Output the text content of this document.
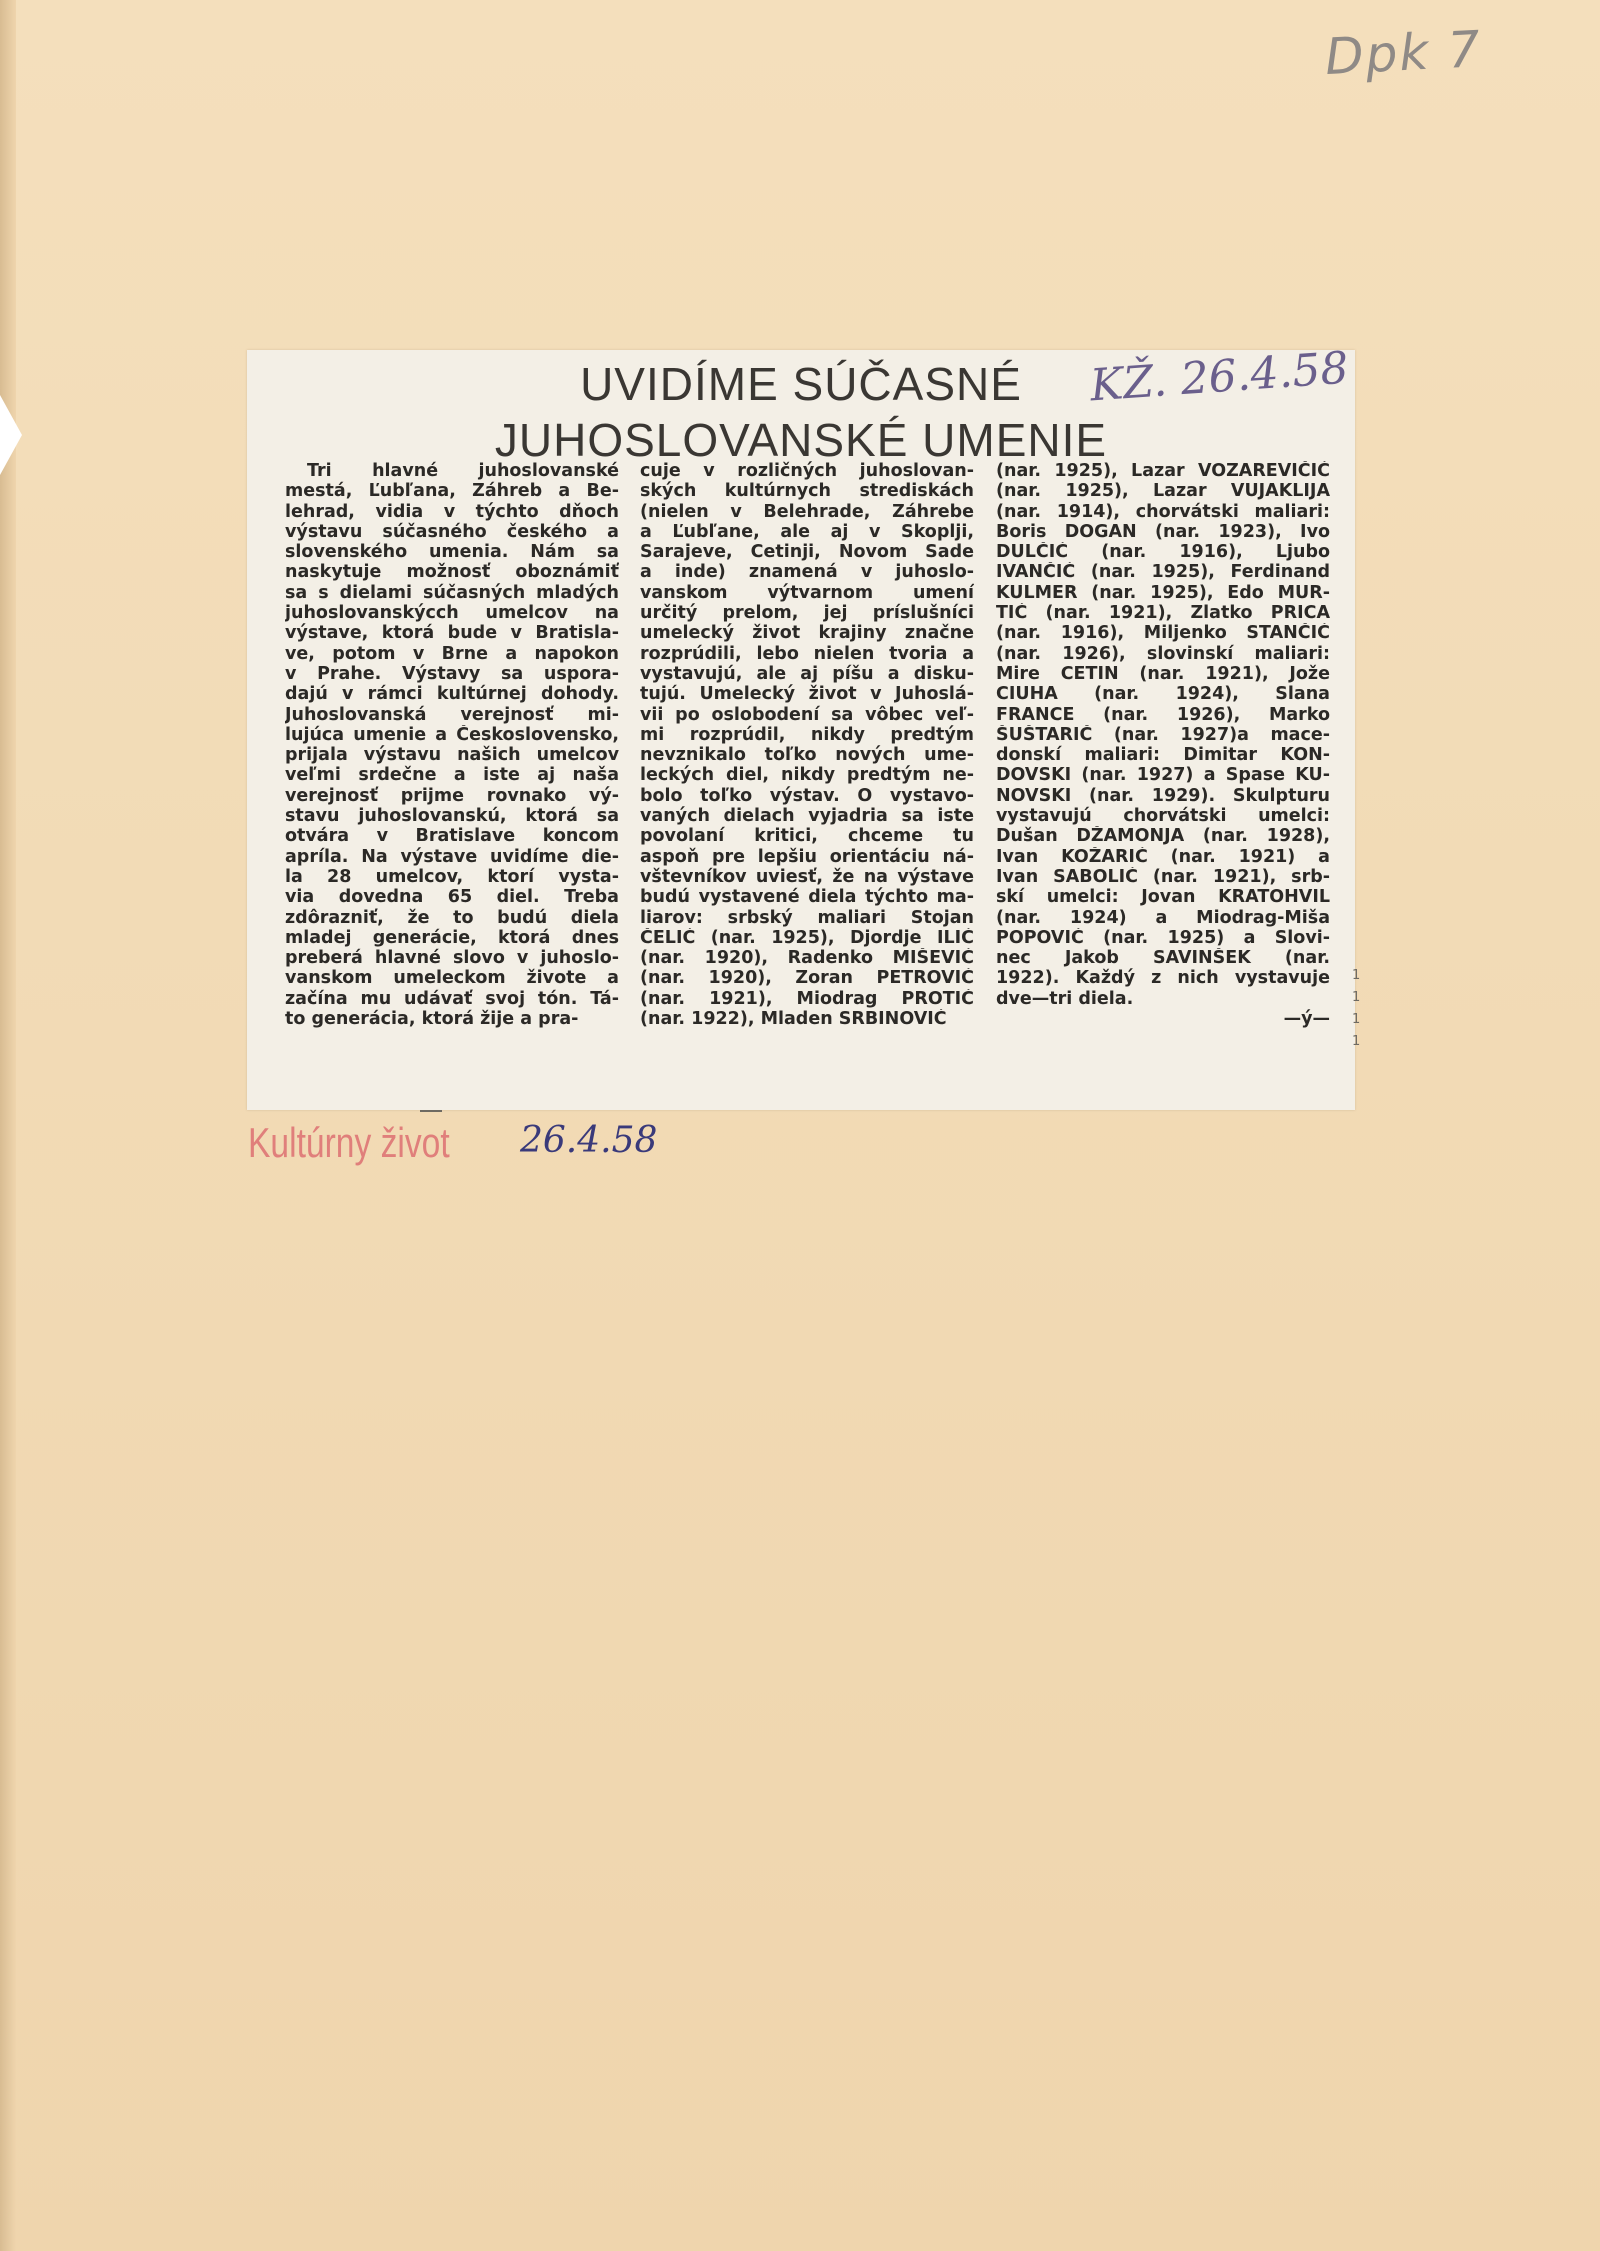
Dpk 7
UVIDÍME SÚČASNÉ
JUHOSLOVANSKÉ UMENIE
KŽ. 26.4.58
Tri hlavné juhoslovanské
mestá, Ľubľana, Záhreb a Be-
lehrad, vidia v týchto dňoch
výstavu súčasného českého a
slovenského umenia. Nám sa
naskytuje možnosť oboznámiť
sa s dielami súčasných mladých
juhoslovanskýcch umelcov na
výstave, ktorá bude v Bratisla-
ve, potom v Brne a napokon
v Prahe. Výstavy sa uspora-
dajú v rámci kultúrnej dohody.
Juhoslovanská verejnosť mi-
lujúca umenie a Československo,
prijala výstavu našich umelcov
veľmi srdečne a iste aj naša
verejnosť prijme rovnako vý-
stavu juhoslovanskú, ktorá sa
otvára v Bratislave koncom
apríla. Na výstave uvidíme die-
la 28 umelcov, ktorí vysta-
via dovedna 65 diel. Treba
zdôrazniť, že to budú diela
mladej generácie, ktorá dnes
preberá hlavné slovo v juhoslo-
vanskom umeleckom živote a
začína mu udávať svoj tón. Tá-
to generácia, ktorá žije a pra-
cuje v rozličných juhoslovan-
ských kultúrnych strediskách
(nielen v Belehrade, Záhrebe
a Ľubľane, ale aj v Skoplji,
Sarajeve, Cetinji, Novom Sade
a inde) znamená v juhoslo-
vanskom výtvarnom umení
určitý prelom, jej príslušníci
umelecký život krajiny značne
rozprúdili, lebo nielen tvoria a
vystavujú, ale aj píšu a disku-
tujú. Umelecký život v Juhoslá-
vii po oslobodení sa vôbec veľ-
mi rozprúdil, nikdy predtým
nevznikalo toľko nových ume-
leckých diel, nikdy predtým ne-
bolo toľko výstav. O vystavo-
vaných dielach vyjadria sa iste
povolaní kritici, chceme tu
aspoň pre lepšiu orientáciu ná-
vštevníkov uviesť, že na výstave
budú vystavené diela týchto ma-
liarov: srbský maliari Stojan
ČELIĆ (nar. 1925), Djordje ILIĆ
(nar. 1920), Radenko MIŠEVIĆ
(nar. 1920), Zoran PETROVIĆ
(nar. 1921), Miodrag PROTIĆ
(nar. 1922), Mladen SRBINOVIĆ
(nar. 1925), Lazar VOZAREVIČIĆ
(nar. 1925), Lazar VUJAKLIJA
(nar. 1914), chorvátski maliari:
Boris DOGAN (nar. 1923), Ivo
DULČIĆ (nar. 1916), Ljubo
IVANČIĆ (nar. 1925), Ferdinand
KULMER (nar. 1925), Edo MUR-
TIĆ (nar. 1921), Zlatko PRICA
(nar. 1916), Miljenko STANČIĆ
(nar. 1926), slovinskí maliari:
Mire CETIN (nar. 1921), Jože
CIUHA (nar. 1924), Slana
FRANCE (nar. 1926), Marko
ŠUŠTARIČ (nar. 1927)a mace-
donskí maliari: Dimitar KON-
DOVSKI (nar. 1927) a Spase KU-
NOVSKI (nar. 1929). Skulpturu
vystavujú chorvátski umelci:
Dušan DŽAMONJA (nar. 1928),
Ivan KOŽARIĆ (nar. 1921) a
Ivan SABOLIĆ (nar. 1921), srb-
skí umelci: Jovan KRATOHVIL
(nar. 1924) a Miodrag-Miša
POPOVIĆ (nar. 1925) a Slovi-
nec Jakob SAVINŠEK (nar.
1922). Každý z nich vystavuje
dve—tri diela.
—ý—
Kultúrny život 26.4.58
1
1
1
1
